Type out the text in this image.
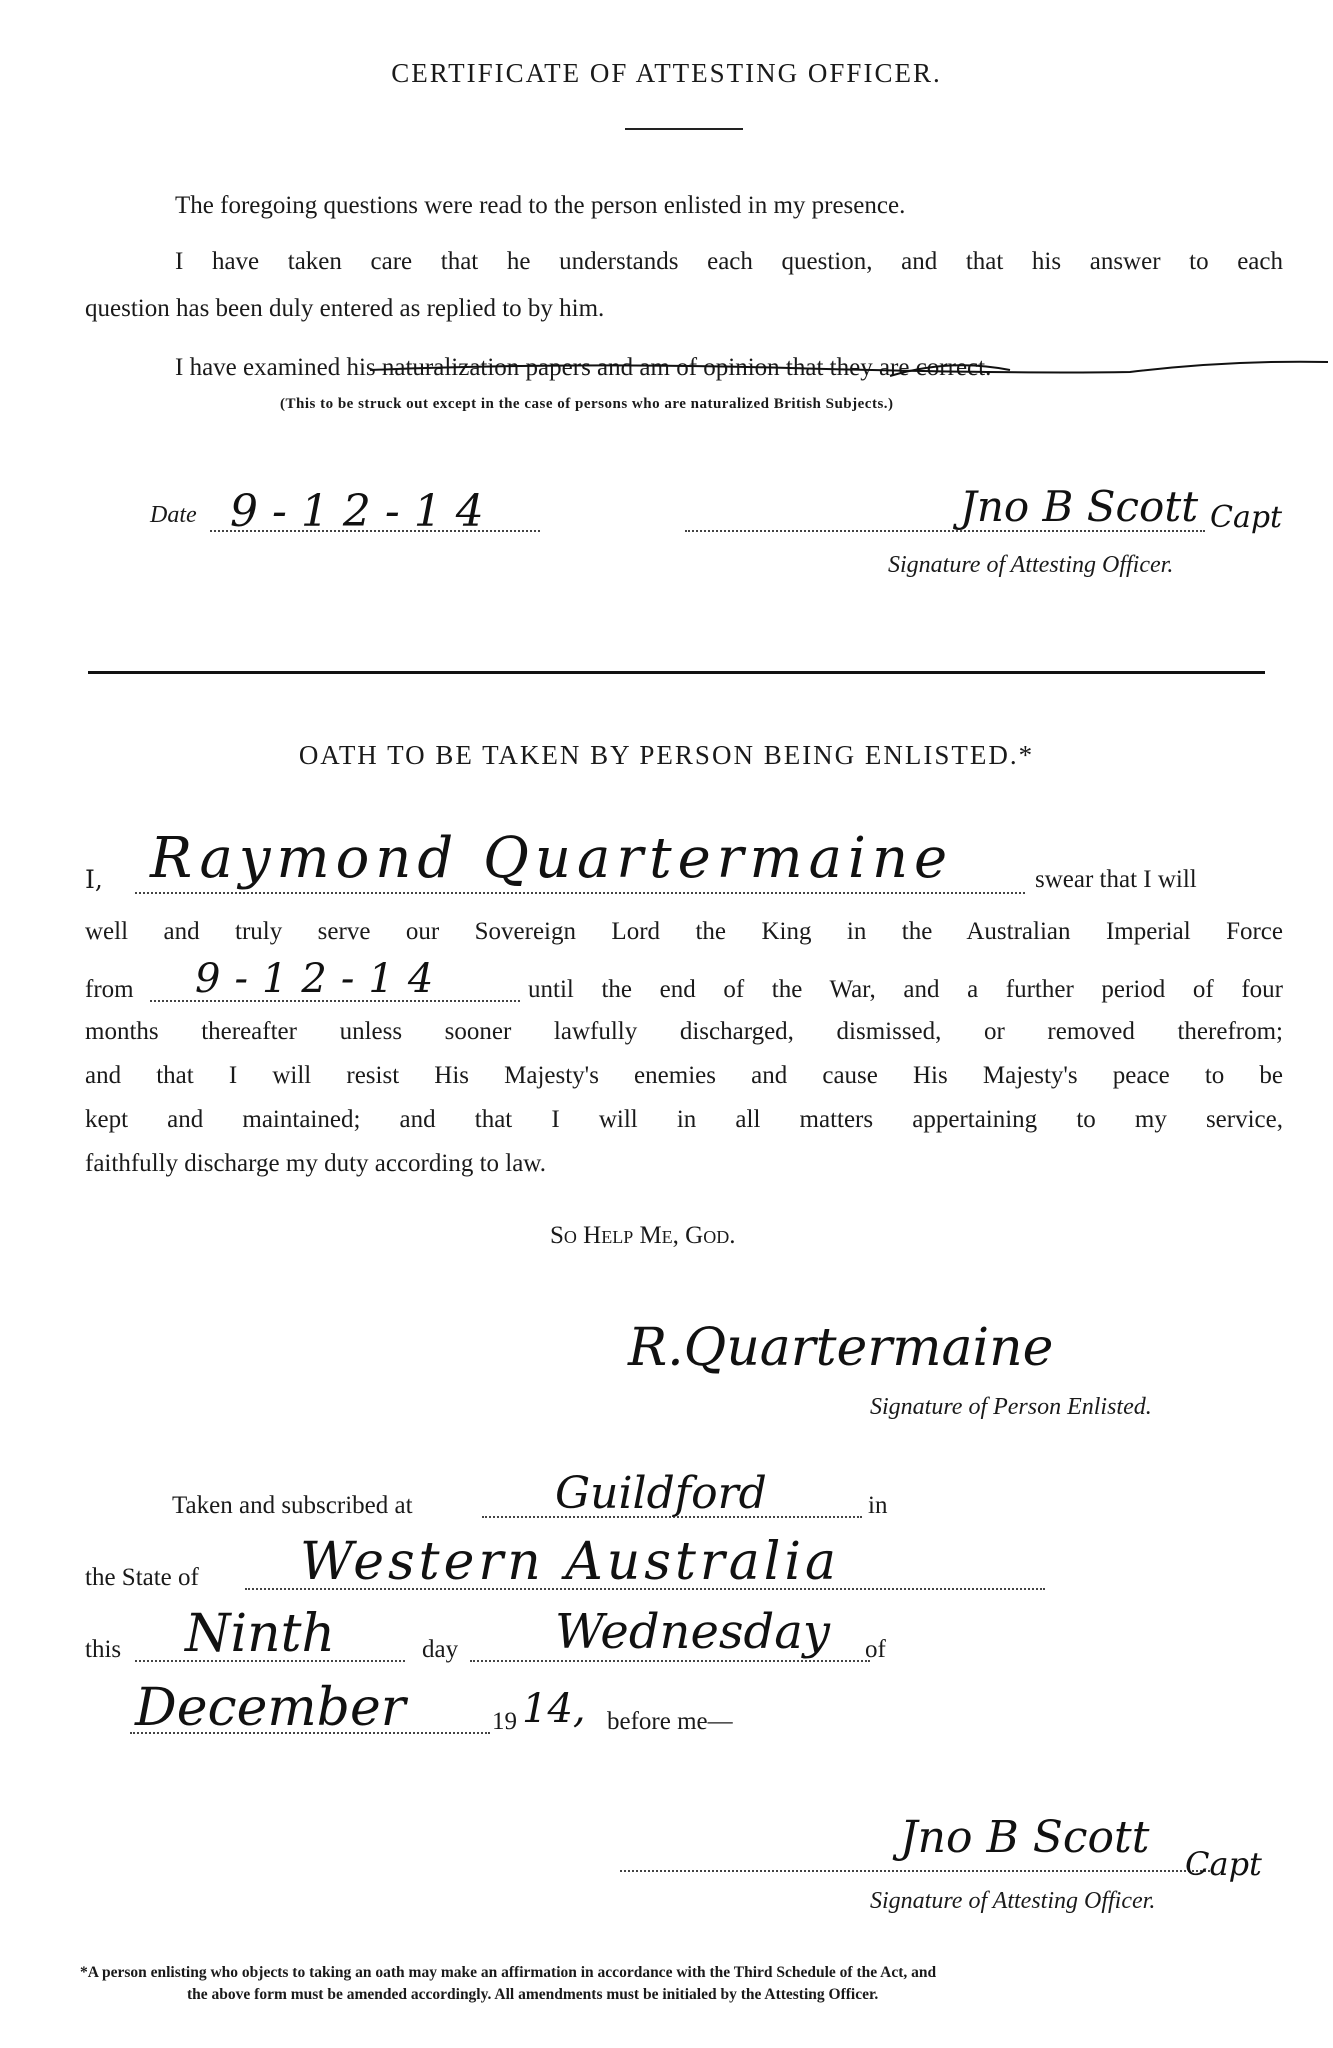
CERTIFICATE OF ATTESTING OFFICER.
The foregoing questions were read to the person enlisted in my presence.
I have taken care that he understands each question, and that his answer to each
question has been duly entered as replied to by him.
I have examined his naturalization papers and am of opinion that they are correct.
(This to be struck out except in the case of persons who are naturalized British Subjects.)
Date 9-12-14	Jno B Scott Capt
Signature of Attesting Officer.
OATH TO BE TAKEN BY PERSON BEING ENLISTED.*
I, Raymond Quartermaine	swear that I will
well and truly serve our Sovereign Lord the King in the Australian Imperial Force
from 9-12-14	until the end of the War, and a further period of four
months thereafter unless sooner lawfully discharged, dismissed, or removed therefrom;
and that I will resist His Majesty's enemies and cause His Majesty's peace to be
kept and maintained; and that I will in all matters appertaining to my service,
faithfully discharge my duty according to law.
So Help Me, God.
R.Quartermaine
Signature of Person Enlisted.
Taken and subscribed at	Guildford	in
the State of Western Australia
this Ninth	day Wednesday of
December	19 14, before me—
Jno B Scott
Capt
Signature of Attesting Officer.
*A person enlisting who objects to taking an oath may make an affirmation in accordance with the Third Schedule of the Act, and
the above form must be amended accordingly. All amendments must be initialed by the Attesting Officer.
